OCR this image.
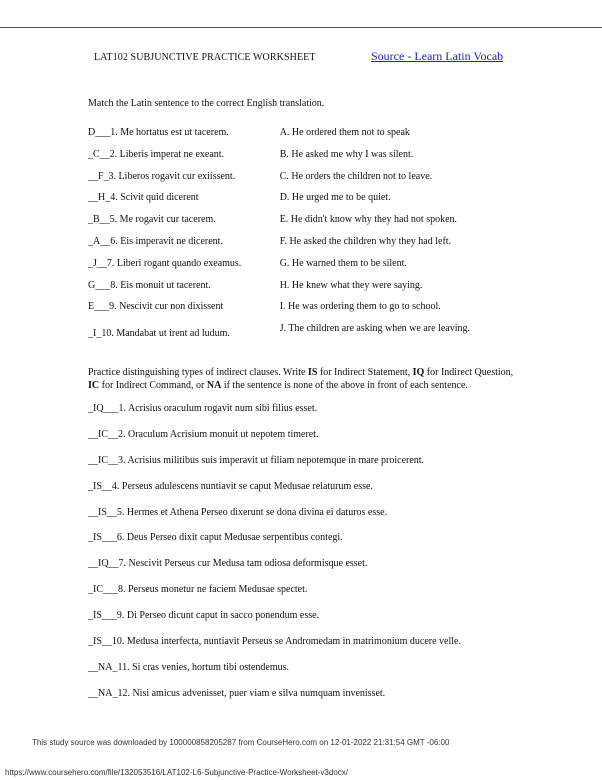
LAT102 SUBJUNCTIVE PRACTICE WORKSHEET	Source - Learn Latin Vocab
Match the Latin sentence to the correct English translation.
D___1. Me hortatus est ut tacerem.	A. He ordered them not to speak
_C__2. Liberis imperat ne exeant.	B. He asked me why I was silent.
__F_3. Liberos rogavit cur exiissent.	C. He orders the children not to leave.
__H_4. Scivit quid dicerent	D. He urged me to be quiet.
_B__5. Me rogavit cur tacerem.	E. He didn't know why they had not spoken.
_A__6. Eis imperavit ne dicerent.	F. He asked the children why they had left.
_J__7. Liberi rogant quando exeamus.	G. He warned them to be silent.
G___8. Eis monuit ut tacerent.	H. He knew what they were saying.
E___9. Nescivit cur non dixissent	I. He was ordering them to go to school.
_I_10. Mandabat ut irent ad ludum.	J. The children are asking when we are leaving.
Practice distinguishing types of indirect clauses. Write IS for Indirect Statement, IQ for Indirect Question,
IC for Indirect Command, or NA if the sentence is none of the above in front of each sentence.
_IQ___1. Acrisius oraculum rogavit num sibi filius esset.
__IC__2. Oraculum Acrisium monuit ut nepotem timeret.
__IC__3. Acrisius militibus suis imperavit ut filiam nepotemque in mare proicerent.
_IS__4. Perseus adulescens nuntiavit se caput Medusae relaturum esse.
__IS__5. Hermes et Athena Perseo dixerunt se dona divina ei daturos esse.
_IS___6. Deus Perseo dixit caput Medusae serpentibus contegi.
__IQ__7. Nescivit Perseus cur Medusa tam odiosa deformisque esset.
_IC___8. Perseus monetur ne faciem Medusae spectet.
_IS___9. Di Perseo dicunt caput in sacco ponendum esse.
_IS__10. Medusa interfecta, nuntiavit Perseus se Andromedam in matrimonium ducere velle.
__NA_11. Si cras venies, hortum tibi ostendemus.
__NA_12. Nisi amicus advenisset, puer viam e silva numquam invenisset.
This study source was downloaded by 100000858205287 from CourseHero.com on 12-01-2022 21:31:54 GMT -06:00
https://www.coursehero.com/file/132053516/LAT102-L6-Subjunctive-Practice-Worksheet-v3docx/
